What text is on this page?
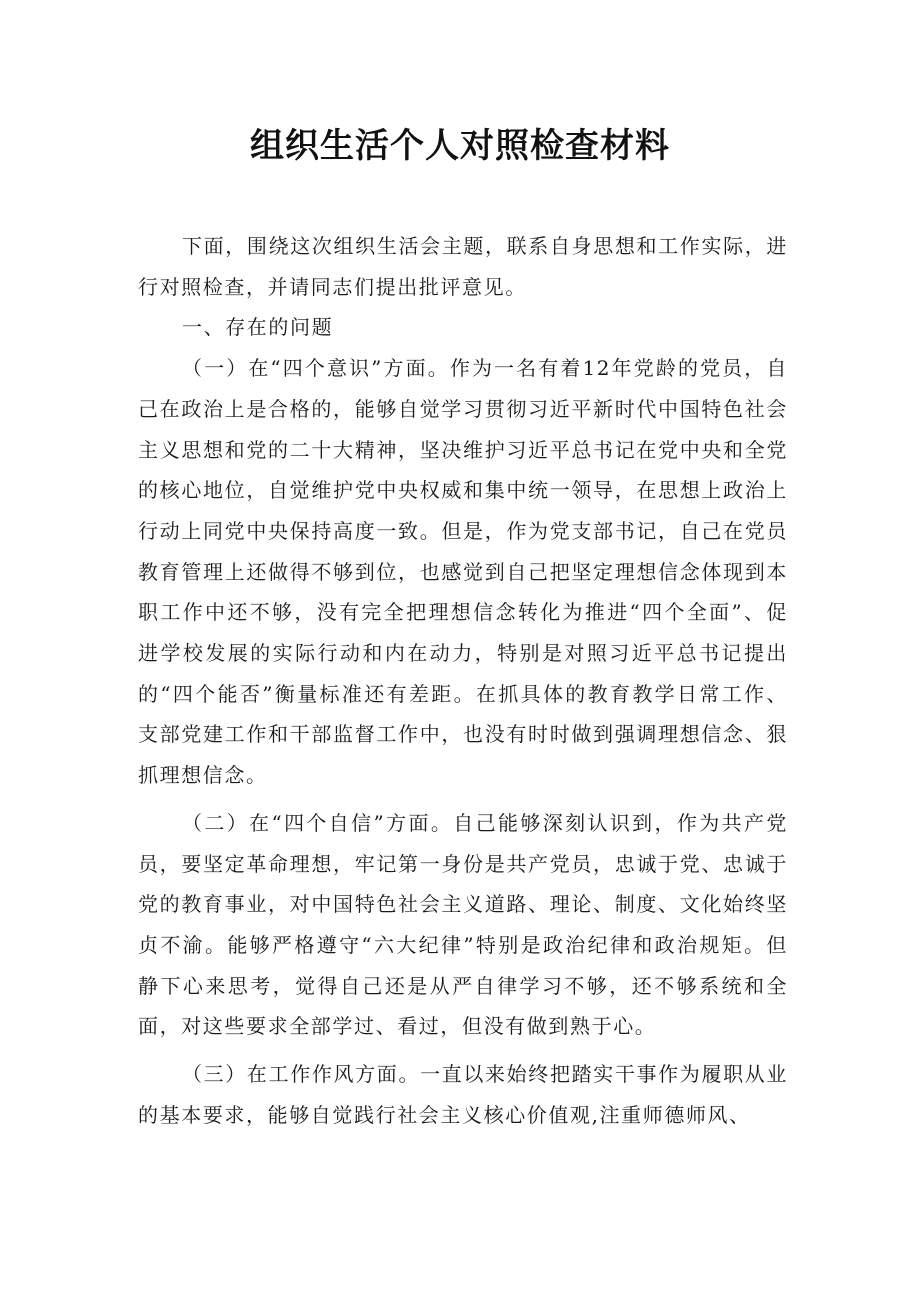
组织生活个人对照检查材料

下面，围绕这次组织生活会主题，联系自身思想和工作实际，进行对照检查，并请同志们提出批评意见。

一、存在的问题

（一）在“四个意识”方面。作为一名有着12年党龄的党员，自己在政治上是合格的，能够自觉学习贯彻习近平新时代中国特色社会主义思想和党的二十大精神，坚决维护习近平总书记在党中央和全党的核心地位，自觉维护党中央权威和集中统一领导，在思想上政治上行动上同党中央保持高度一致。但是，作为党支部书记，自己在党员教育管理上还做得不够到位，也感觉到自己把坚定理想信念体现到本职工作中还不够，没有完全把理想信念转化为推进“四个全面”、促进学校发展的实际行动和内在动力，特别是对照习近平总书记提出的“四个能否”衡量标准还有差距。在抓具体的教育教学日常工作、支部党建工作和干部监督工作中，也没有时时做到强调理想信念、狠抓理想信念。

（二）在“四个自信”方面。自己能够深刻认识到，作为共产党员，要坚定革命理想，牢记第一身份是共产党员，忠诚于党、忠诚于党的教育事业，对中国特色社会主义道路、理论、制度、文化始终坚贞不渝。能够严格遵守“六大纪律”特别是政治纪律和政治规矩。但静下心来思考，觉得自己还是从严自律学习不够，还不够系统和全面，对这些要求全部学过、看过，但没有做到熟于心。

（三）在工作作风方面。一直以来始终把踏实干事作为履职从业的基本要求，能够自觉践行社会主义核心价值观,注重师德师风、
